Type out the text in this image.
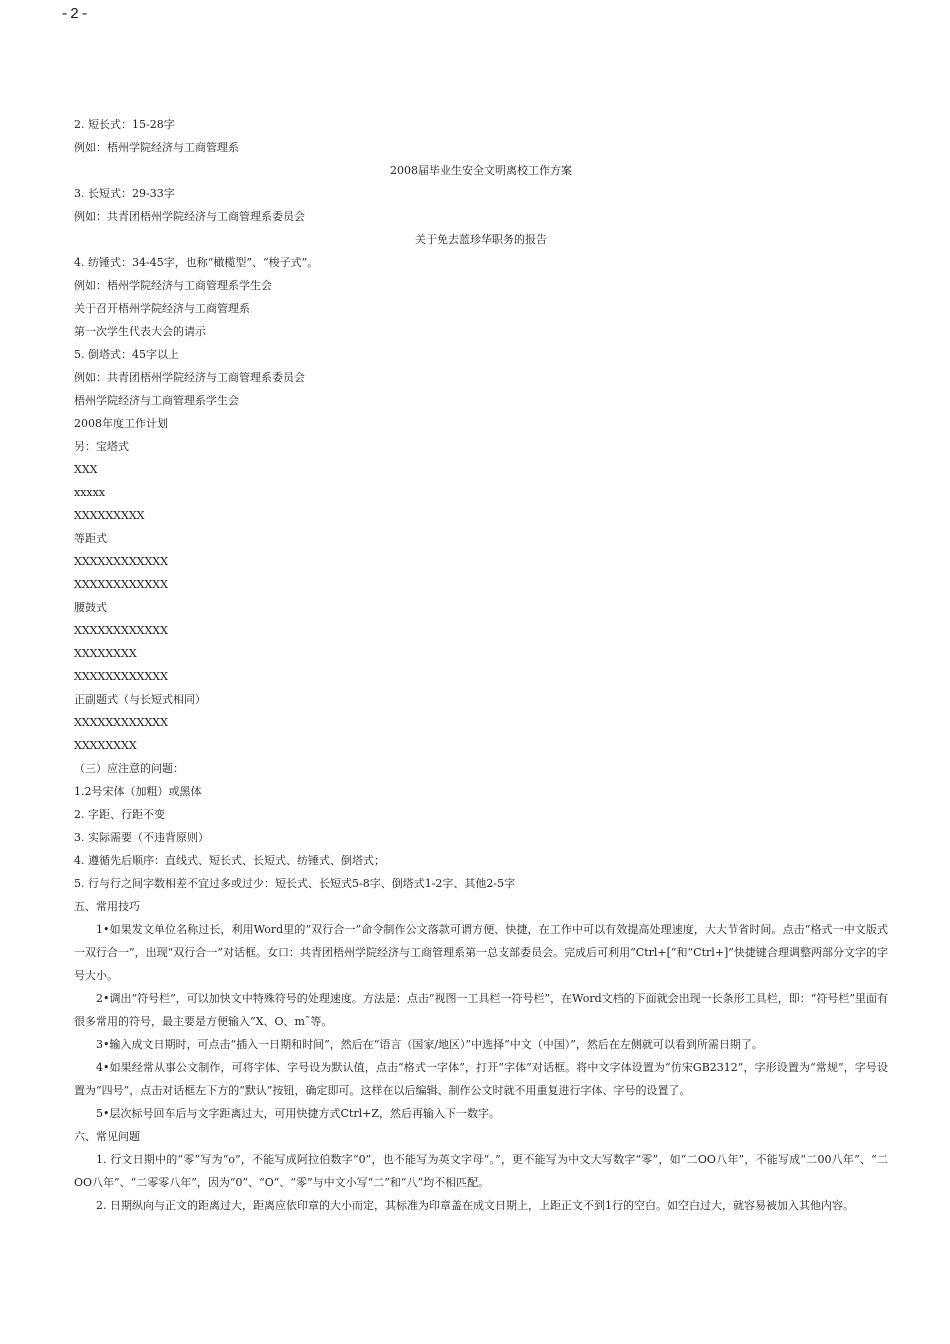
-2-
2. 短长式：15-28字
例如：梧州学院经济与工商管理系
2008届毕业生安全文明离校工作方案
3. 长短式：29-33字
例如：共青团梧州学院经济与工商管理系委员会
关于免去蓝珍华职务的报告
4. 纺锤式：34-45字，也称“橄榄型”、“梭子式”。
例如：梧州学院经济与工商管理系学生会
关于召开梧州学院经济与工商管理系
第一次学生代表大会的请示
5. 倒塔式：45字以上
例如：共青团梧州学院经济与工商管理系委员会
梧州学院经济与工商管理系学生会
2008年度工作计划
另：宝塔式
XXX
xxxxx
XXXXXXXXX
等距式
XXXXXXXXXXXX
XXXXXXXXXXXX
腰鼓式
XXXXXXXXXXXX
XXXXXXXX
XXXXXXXXXXXX
正副题式（与长短式相同）
XXXXXXXXXXXX
XXXXXXXX
（三）应注意的问题：
1.2号宋体（加粗）或黑体
2. 字距、行距不变
3. 实际需要（不违背原则）
4. 遵循先后顺序：直线式、短长式、长短式、纺锤式、倒塔式；
5. 行与行之间字数相差不宜过多或过少：短长式、长短式5-8字、倒塔式1-2字、其他2-5字
五、常用技巧
1•如果发文单位名称过长，利用Word里的“双行合一”命令制作公文落款可谓方便、快捷，在工作中可以有效提高处理速度，大大节省时间。点击“格式一中文版式一双行合一”，出现“双行合一”对话框。女口：共青团梧州学院经济与工商管理系第一总支部委员会。完成后可利用“Ctrl+[”和“Ctrl+]”快捷键合理调整两部分文字的字号大小。
2•调出“符号栏”，可以加快文中特殊符号的处理速度。方法是：点击“视图一工具栏一符号栏”，在Word文档的下面就会出现一长条形工具栏，即：“符号栏”里面有很多常用的符号，最主要是方便输入“X、O、m˜等。
3•输入成文日期时，可点击“插入一日期和时间”，然后在“语言（国家/地区）”中选择“中文（中国）”，然后在左侧就可以看到所需日期了。
4•如果经常从事公文制作，可将字体、字号设为默认值，点击“格式一字体”，打开“字体”对话框。将中文字体设置为“仿宋GB2312”，字形设置为“常规”，字号设置为“四号”，点击对话框左下方的“默认”按钮，确定即可。这样在以后编辑、制作公文时就不用重复进行字体、字号的设置了。
5•层次标号回车后与文字距离过大，可用快捷方式Ctrl+Z，然后再输入下一数字。
六、常见问题
1. 行文日期中的“零”写为“o”，不能写成阿拉伯数字“0”，也不能写为英文字母“。”，更不能写为中文大写数字“零”，如“二OO八年”，不能写成“二00八年”、“二OO八年”、“二零零八年”，因为“0”、“O”、“零”与中文小写“二”和“八”均不相匹配。
2. 日期纵向与正文的距离过大，距离应依印章的大小而定，其标准为印章盖在成文日期上，上距正文不到1行的空白。如空白过大，就容易被加入其他内容。
